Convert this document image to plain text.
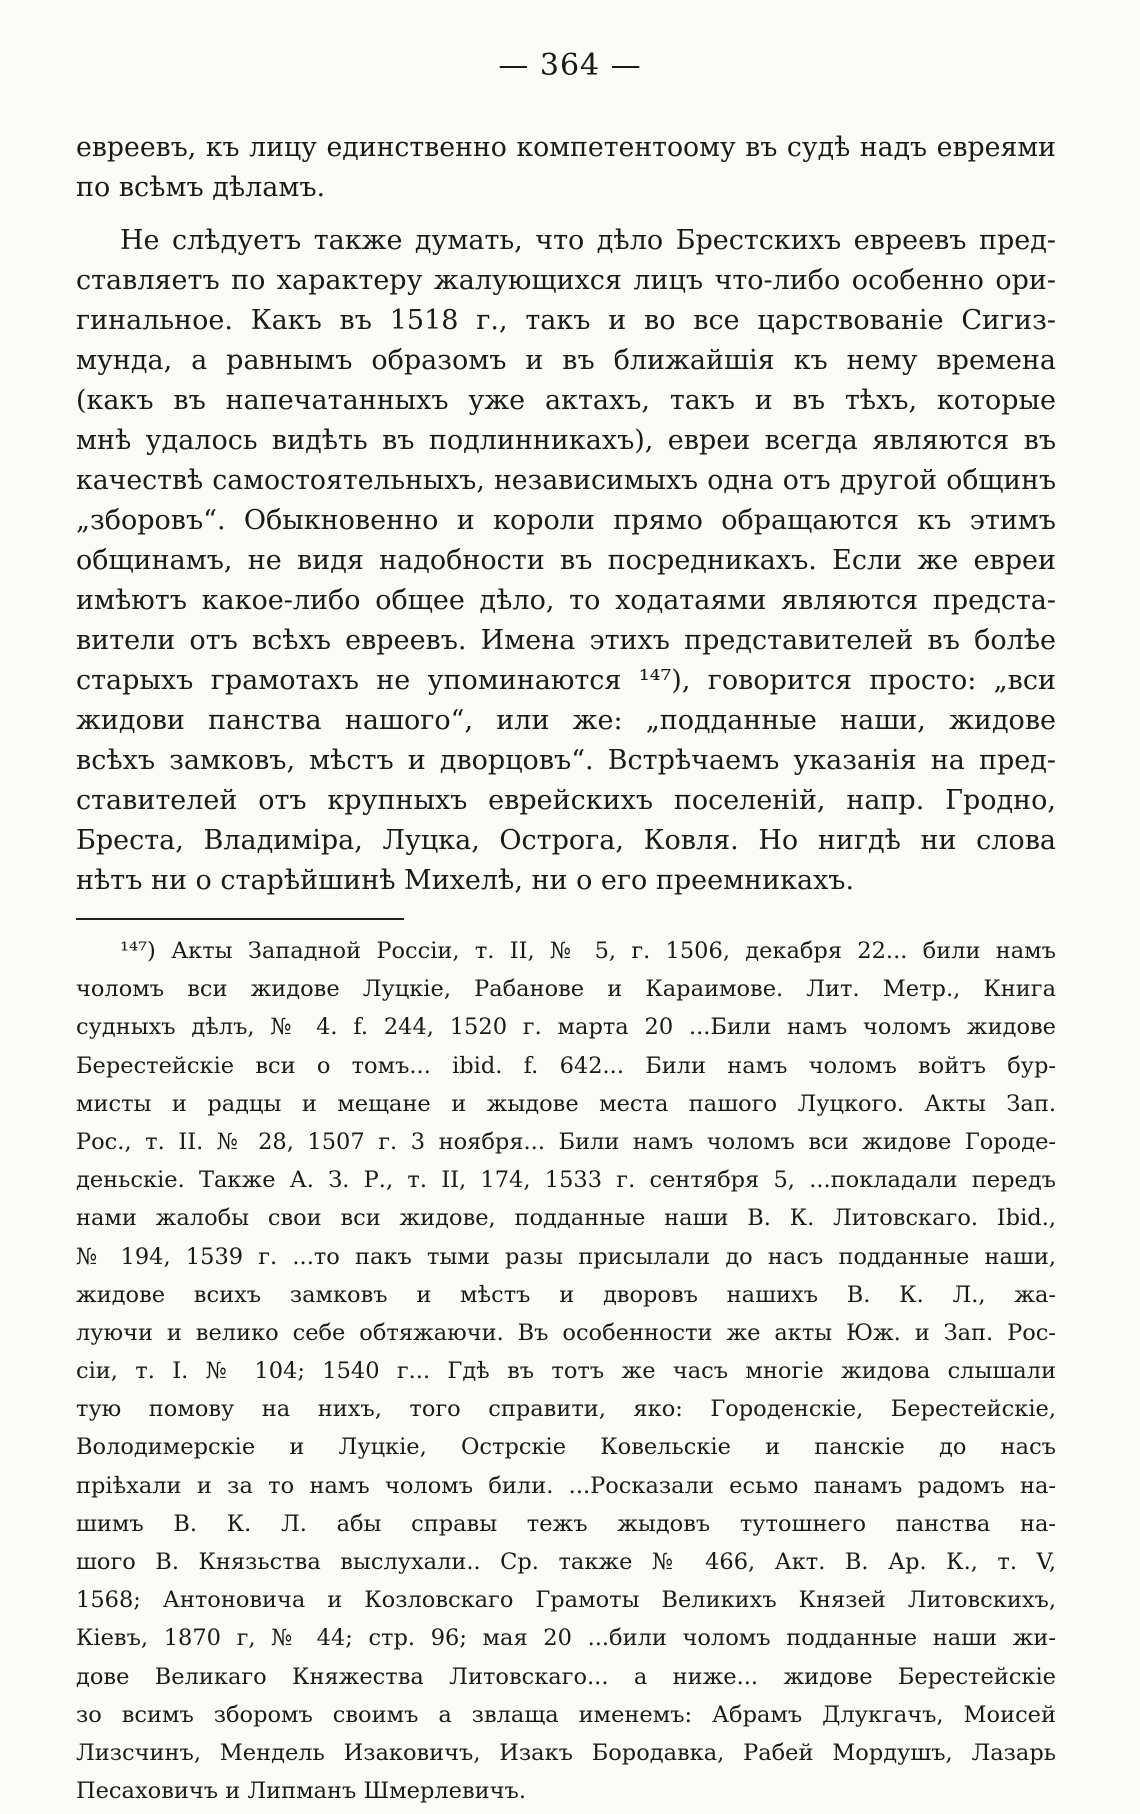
— 364 —
евреевъ, къ лицу единственно компетентоому въ судѣ надъ евреями
по всѣмъ дѣламъ.
Не слѣдуетъ также думать, что дѣло Брестскихъ евреевъ пред-
ставляетъ по характеру жалующихся лицъ что-либо особенно ори-
гинальное. Какъ въ 1518 г., такъ и во все царствованіе Сигиз-
мунда, а равнымъ образомъ и въ ближайшія къ нему времена
(какъ въ напечатанныхъ уже актахъ, такъ и въ тѣхъ, которые
мнѣ удалось видѣть въ подлинникахъ), евреи всегда являются въ
качествѣ самостоятельныхъ, независимыхъ одна отъ другой общинъ
„зборовъ“. Обыкновенно и короли прямо обращаются къ этимъ
общинамъ, не видя надобности въ посредникахъ. Если же евреи
имѣютъ какое-либо общее дѣло, то ходатаями являются предста-
вители отъ всѣхъ евреевъ. Имена этихъ представителей въ болѣе
старыхъ грамотахъ не упоминаются ¹⁴⁷), говорится просто: „вси
жидови панства нашого“, или же: „подданные наши, жидове
всѣхъ замковъ, мѣстъ и дворцовъ“. Встрѣчаемъ указанія на пред-
ставителей отъ крупныхъ еврейскихъ поселеній, напр. Гродно,
Бреста, Владиміра, Луцка, Острога, Ковля. Но нигдѣ ни слова
нѣтъ ни о старѣйшинѣ Михелѣ, ни о его преемникахъ.
¹⁴⁷) Акты Западной Россіи, т. II, № 5, г. 1506, декабря 22... били намъ
чоломъ вси жидове Луцкіе, Рабанове и Караимове. Лит. Метр., Книга
судныхъ дѣлъ, № 4. f. 244, 1520 г. марта 20 ...Били намъ чоломъ жидове
Берестейскіе вси о томъ... ibid. f. 642... Били намъ чоломъ войтъ бур-
мисты и радцы и мещане и жыдове места пашого Луцкого. Акты Зап.
Рос., т. II. № 28, 1507 г. 3 ноября... Били намъ чоломъ вси жидове Городе-
деньскіе. Также А. З. Р., т. II, 174, 1533 г. сентября 5, ...покладали передъ
нами жалобы свои вси жидове, подданные наши В. К. Литовскаго. Ibid.,
№ 194, 1539 г. ...то пакъ тыми разы присылали до насъ подданные наши,
жидове всихъ замковъ и мѣстъ и дворовъ нашихъ В. К. Л., жа-
луючи и велико себе обтяжаючи. Въ особенности же акты Юж. и Зап. Рос-
сіи, т. I. № 104; 1540 г... Гдѣ въ тотъ же часъ многіе жидова слышали
тую помову на нихъ, того справити, яко: Городенскіе, Берестейскіе,
Володимерскіе и Луцкіе, Острскіе Ковельскіе и панскіе до насъ
пріѣхали и за то намъ чоломъ били. ...Росказали есьмо панамъ радомъ на-
шимъ В. К. Л. абы справы тежъ жыдовъ тутошнего панства на-
шого В. Князьства выслухали.. Ср. также № 466, Акт. В. Ар. К., т. V,
1568; Антоновича и Козловскаго Грамоты Великихъ Князей Литовскихъ,
Кіевъ, 1870 г, № 44; стр. 96; мая 20 ...били чоломъ подданные наши жи-
дове Великаго Княжества Литовскаго... а ниже... жидове Берестейскіе
зо всимъ зборомъ своимъ а звлаща именемъ: Абрамъ Длукгачъ, Моисей
Лизсчинъ, Мендель Изаковичъ, Изакъ Бородавка, Рабей Мордушъ, Лазарь
Песаховичъ и Липманъ Шмерлевичъ.
